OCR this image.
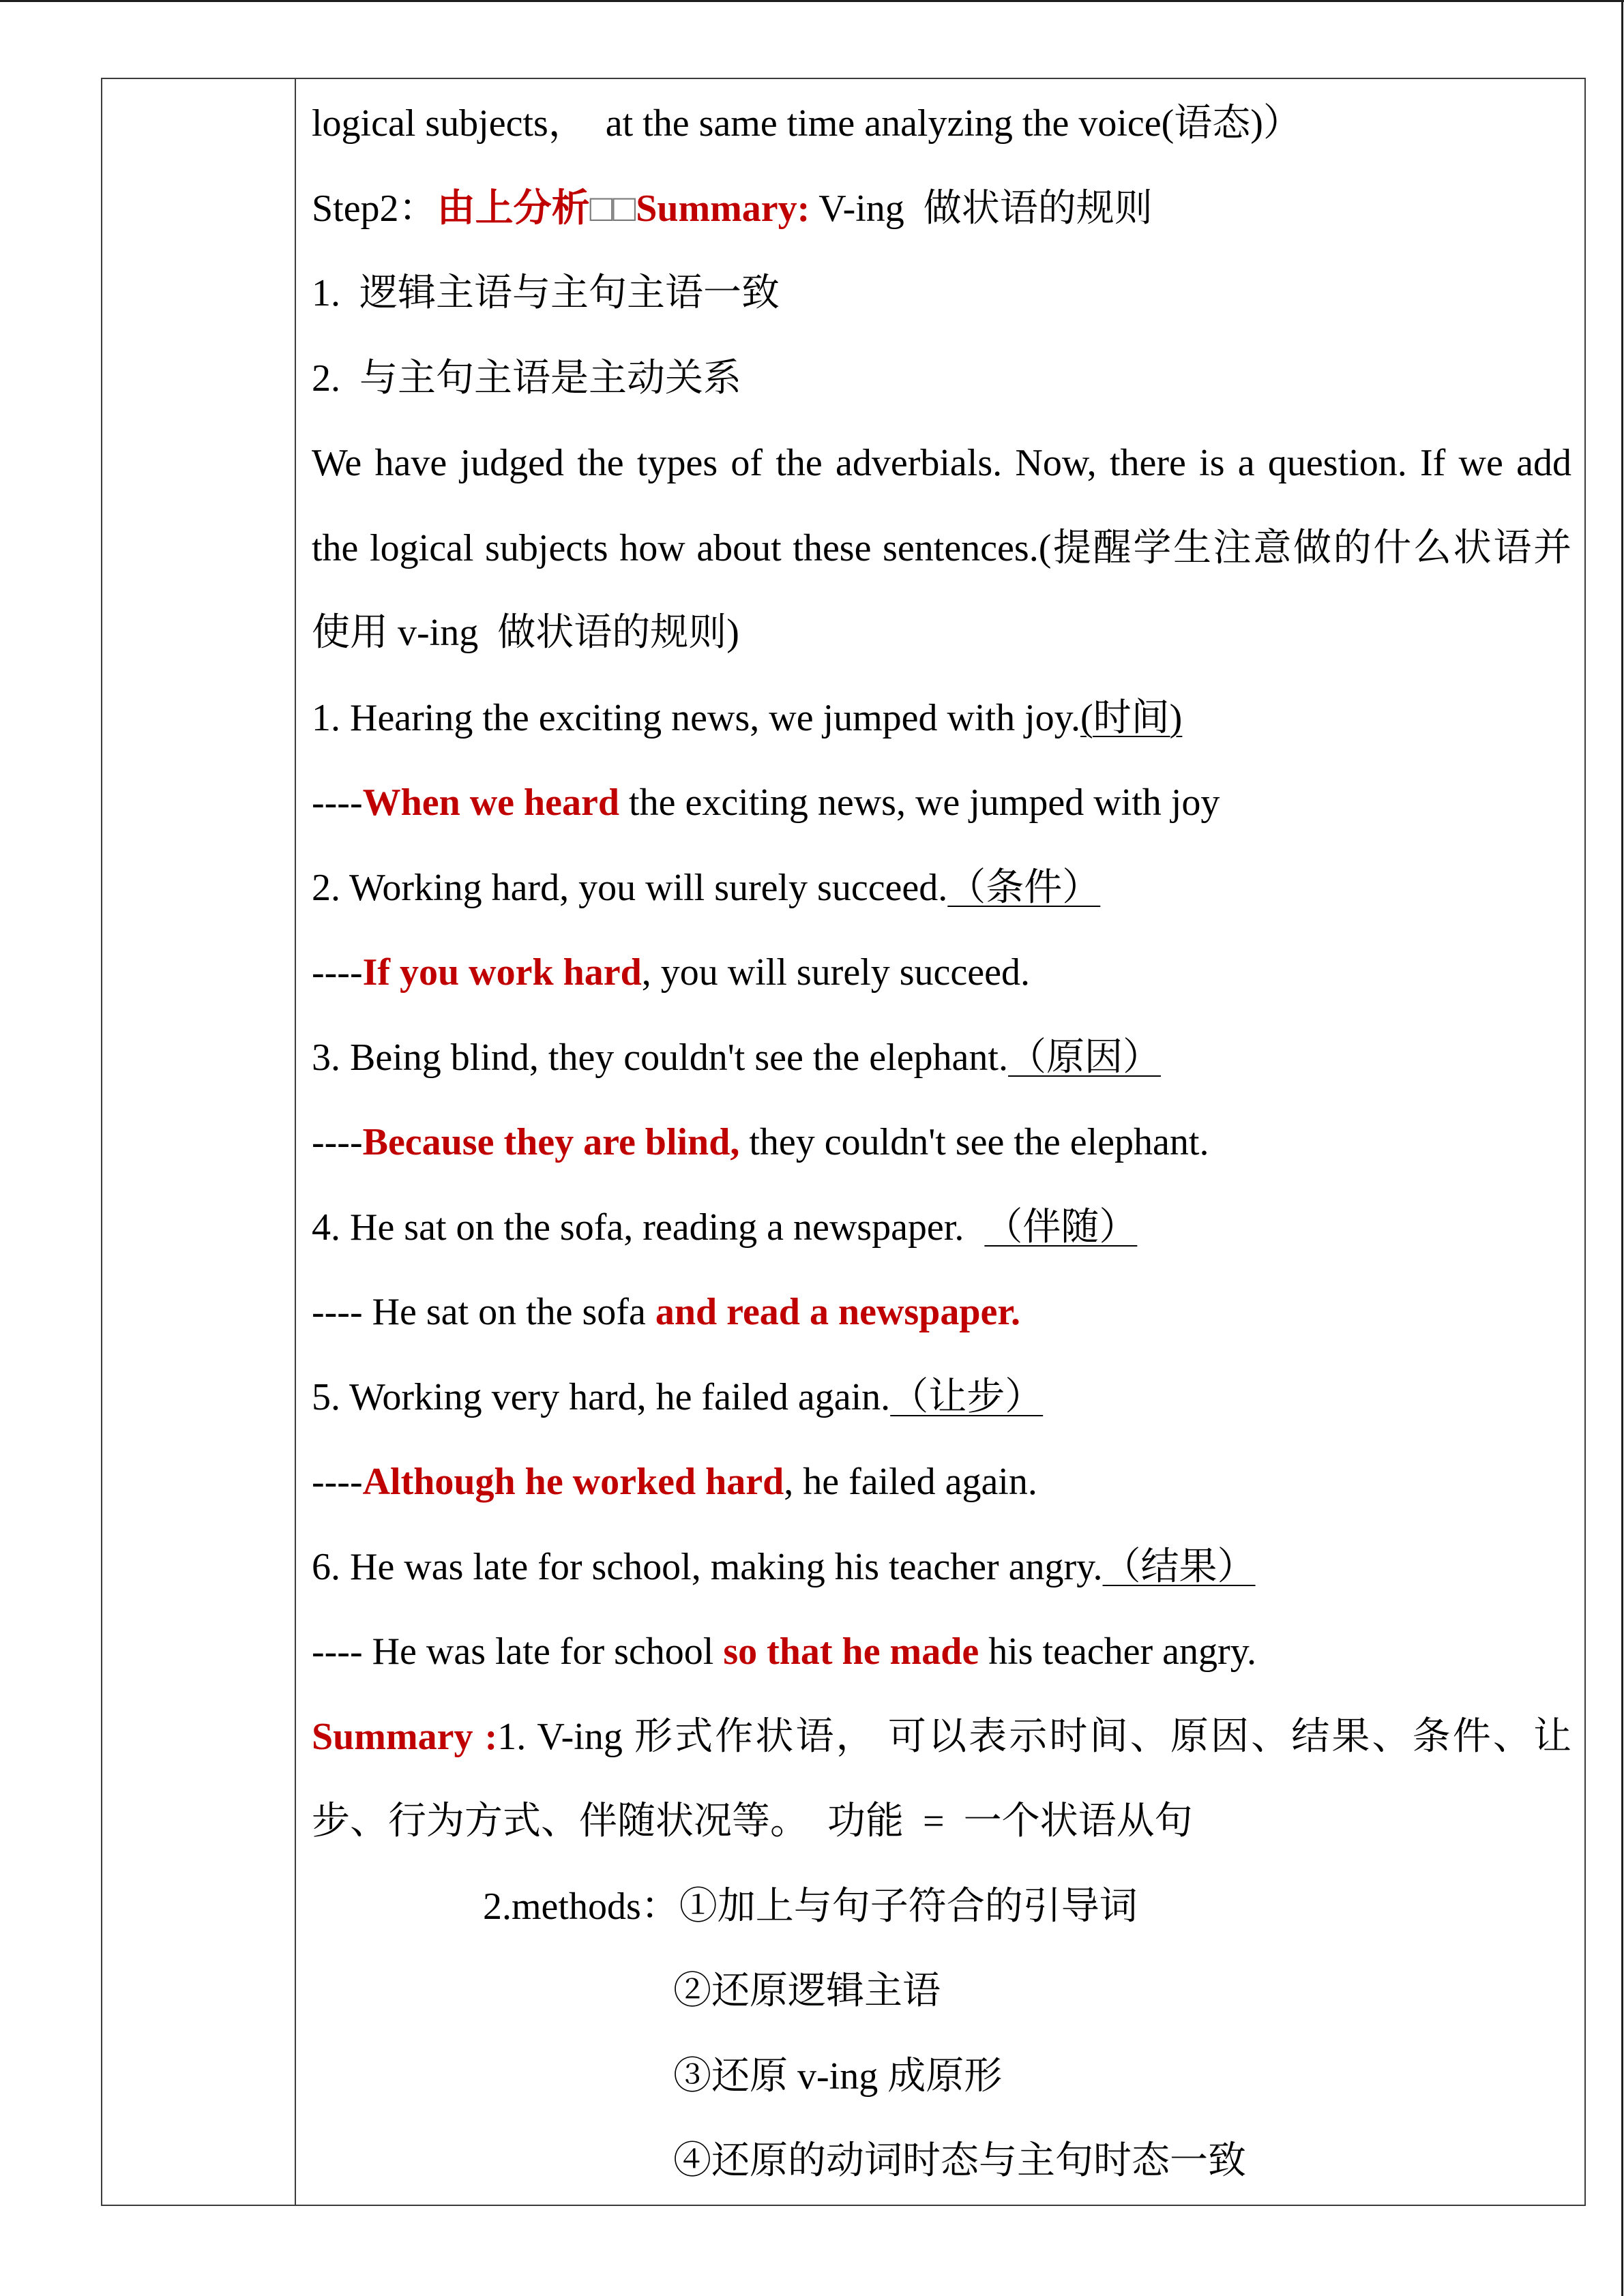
logical subjects，  at the same time analyzing the voice(语态)）
Step2：由上分析□□Summary: V-ing  做状语的规则
1.  逻辑主语与主句主语一致
2.  与主句主语是主动关系
We have judged the types of the adverbials. Now, there is a question. If we add
the logical subjects how about these sentences.(提醒学生注意做的什么状语并
使用 v-ing  做状语的规则)
1. Hearing the exciting news, we jumped with joy.(时间)
----When we heard the exciting news, we jumped with joy
2. Working hard, you will surely succeed.（条件）
----If you work hard, you will surely succeed.
3. Being blind, they couldn't see the elephant.（原因）
----Because they are blind, they couldn't see the elephant.
4. He sat on the sofa, reading a newspaper. （伴随）
---- He sat on the sofa and read a newspaper.
5. Working very hard, he failed again.（让步）
----Although he worked hard, he failed again.
6. He was late for school, making his teacher angry.（结果）
---- He was late for school so that he made his teacher angry.
Summary :1. V-ing 形式作状语， 可以表示时间、原因、结果、条件、让
步、行为方式、伴随状况等。  功能  =  一个状语从句
2.methods：①加上与句子符合的引导词
②还原逻辑主语
③还原 v-ing 成原形
④还原的动词时态与主句时态一致
